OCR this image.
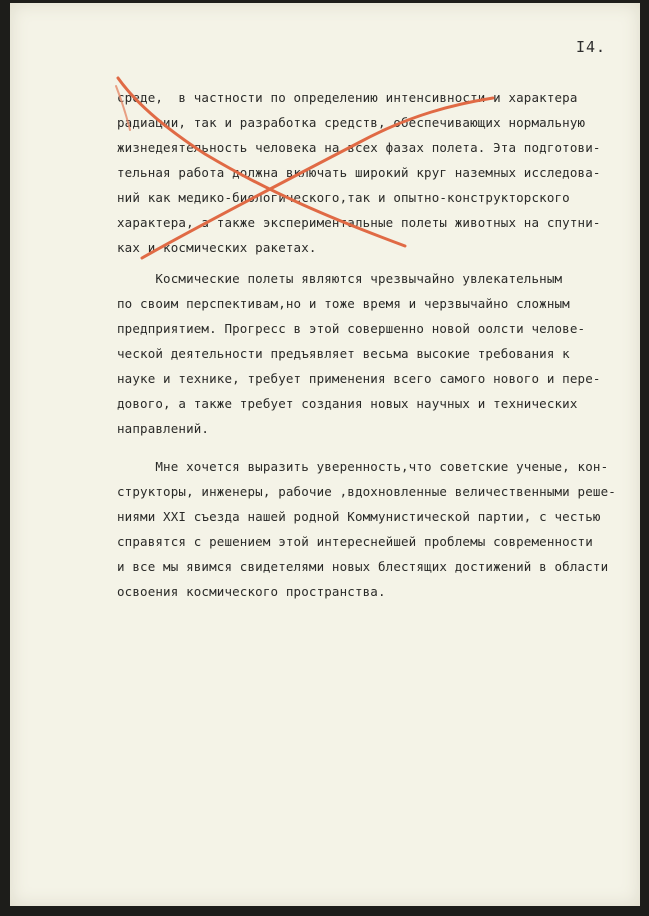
I4.
среде,  в частности по определению интенсивности и характера
радиации, так и разработка средств, обеспечивающих нормальную
жизнедеятельность человека на всех фазах полета. Эта подготови-
тельная работа должна включать широкий круг наземных исследова-
ний как медико-биологического,так и опытно-конструкторского
характера, а также экспериментальные полеты животных на спутни-
ках и космических ракетах.
Космические полеты являются чрезвычайно увлекательным
по своим перспективам,но и тоже время и черзвычайно сложным
предприятием. Прогресс в этой совершенно новой оолсти челове-
ческой деятельности предъявляет весьма высокие требования к
науке и технике, требует применения всего самого нового и пере-
дового, а также требует создания новых научных и технических
направлений.
Мне хочется выразить уверенность,что советские ученые, кон-
структоры, инженеры, рабочие ,вдохновленные величественными реше-
ниями XXI съезда нашей родной Коммунистической партии, с честью
справятся с решением этой интереснейшей проблемы современности
и все мы явимся свидетелями новых блестящих достижений в области
освоения космического пространства.
